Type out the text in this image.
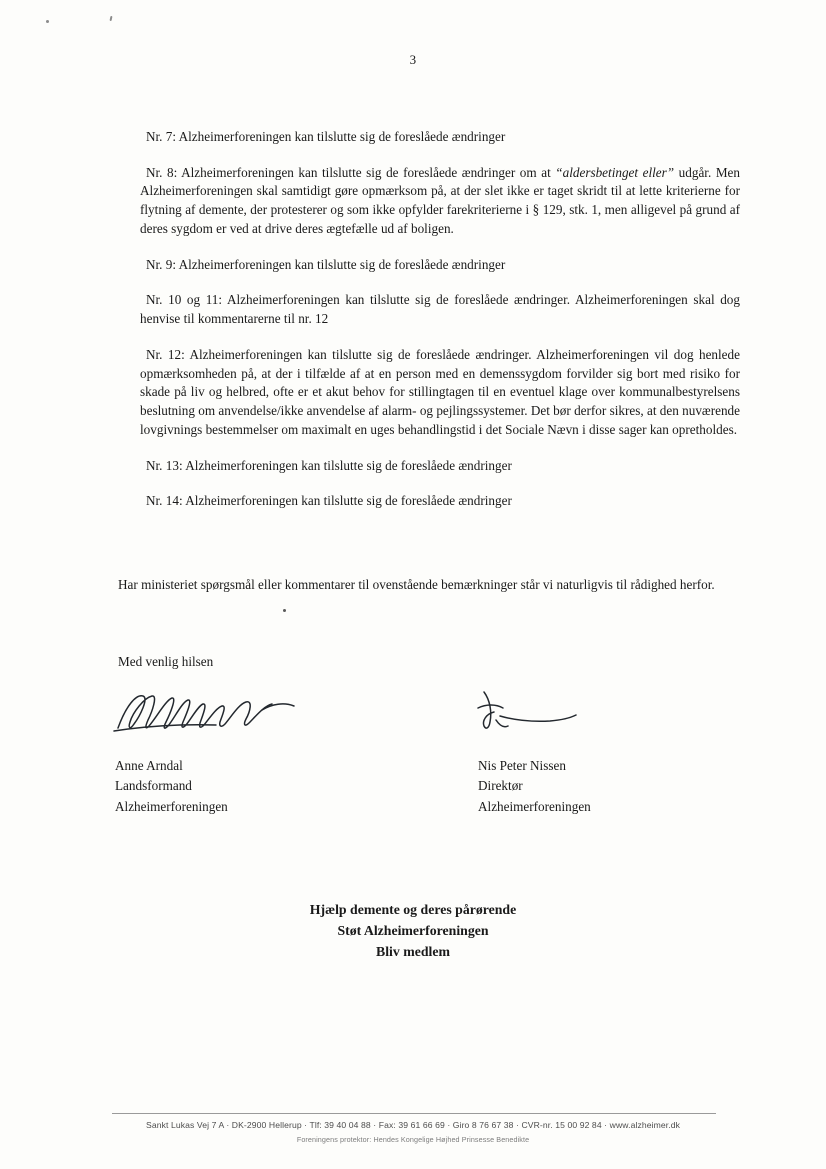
3

Nr. 7: Alzheimerforeningen kan tilslutte sig de foreslåede ændringer

Nr. 8: Alzheimerforeningen kan tilslutte sig de foreslåede ændringer om at “aldersbetinget eller” udgår. Men Alzheimerforeningen skal samtidigt gøre opmærksom på, at der slet ikke er taget skridt til at lette kriterierne for flytning af demente, der protesterer og som ikke opfylder farekriterierne i § 129, stk. 1, men alligevel på grund af deres sygdom er ved at drive deres ægtefælle ud af boligen.

Nr. 9: Alzheimerforeningen kan tilslutte sig de foreslåede ændringer

Nr. 10 og 11: Alzheimerforeningen kan tilslutte sig de foreslåede ændringer. Alzheimerforeningen skal dog henvise til kommentarerne til nr. 12

Nr. 12: Alzheimerforeningen kan tilslutte sig de foreslåede ændringer. Alzheimerforeningen vil dog henlede opmærksomheden på, at der i tilfælde af at en person med en demenssygdom forvilder sig bort med risiko for skade på liv og helbred, ofte er et akut behov for stillingtagen til en eventuel klage over kommunalbestyrelsens beslutning om anvendelse/ikke anvendelse af alarm- og pejlingssystemer. Det bør derfor sikres, at den nuværende lovgivnings bestemmelser om maximalt en uges behandlingstid i det Sociale Nævn i disse sager kan opretholdes.

Nr. 13: Alzheimerforeningen kan tilslutte sig de foreslåede ændringer

Nr. 14: Alzheimerforeningen kan tilslutte sig de foreslåede ændringer

Har ministeriet spørgsmål eller kommentarer til ovenstående bemærkninger står vi naturligvis til rådighed herfor.

Med venlig hilsen
Anne Arndal
Landsformand
Alzheimerforeningen
Nis Peter Nissen
Direktør
Alzheimerforeningen
Hjælp demente og deres pårørende
Støt Alzheimerforeningen
Bliv medlem
Sankt Lukas Vej 7 A · DK-2900 Hellerup · Tlf: 39 40 04 88 · Fax: 39 61 66 69 · Giro 8 76 67 38 · CVR-nr. 15 00 92 84 · www.alzheimer.dk
Foreningens protektor: Hendes Kongelige Højhed Prinsesse Benedikte
